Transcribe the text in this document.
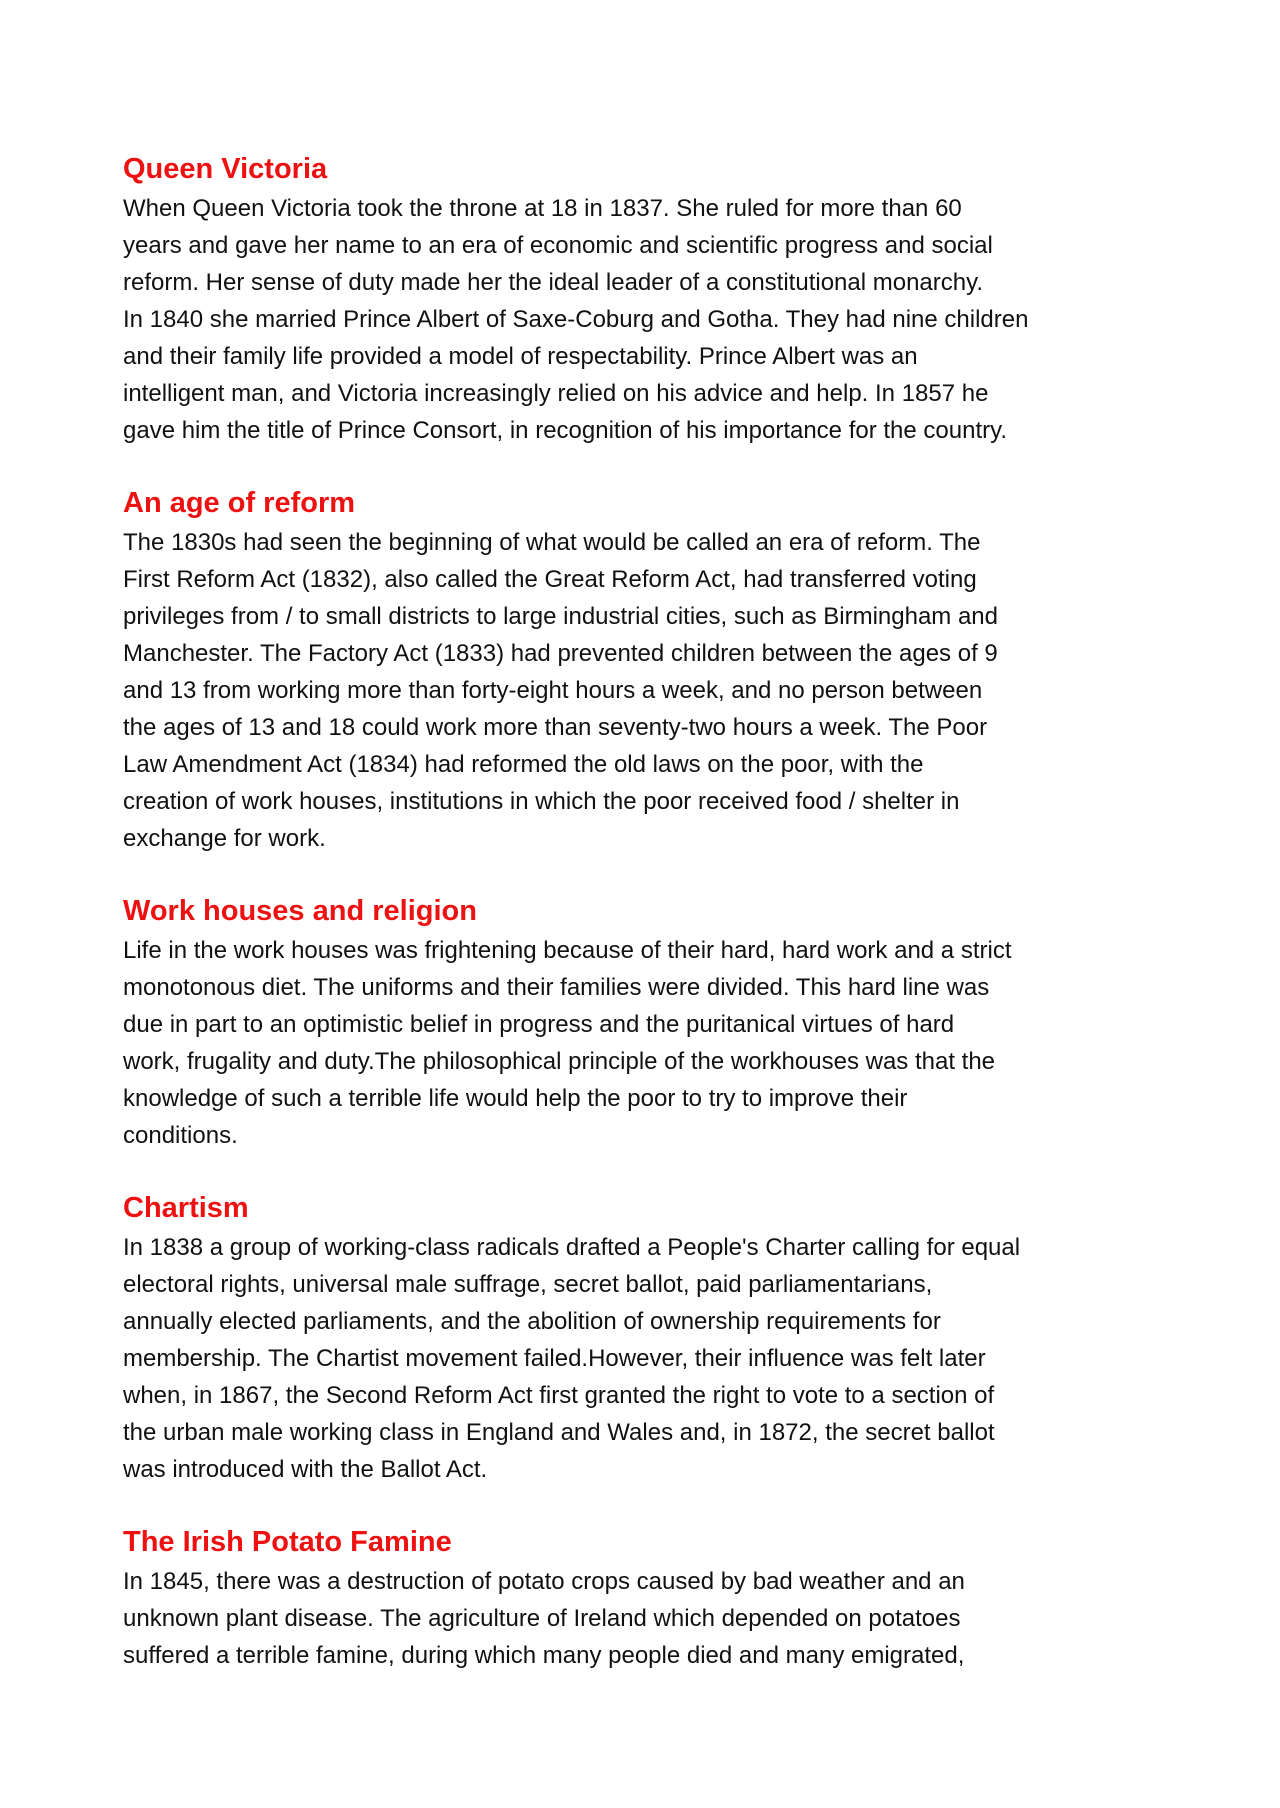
Queen Victoria
When Queen Victoria took the throne at 18 in 1837. She ruled for more than 60
years and gave her name to an era of economic and scientific progress and social
reform. Her sense of duty made her the ideal leader of a constitutional monarchy.
In 1840 she married Prince Albert of Saxe-Coburg and Gotha. They had nine children
and their family life provided a model of respectability. Prince Albert was an
intelligent man, and Victoria increasingly relied on his advice and help. In 1857 he
gave him the title of Prince Consort, in recognition of his importance for the country.
An age of reform
The 1830s had seen the beginning of what would be called an era of reform. The
First Reform Act (1832), also called the Great Reform Act, had transferred voting
privileges from / to small districts to large industrial cities, such as Birmingham and
Manchester. The Factory Act (1833) had prevented children between the ages of 9
and 13 from working more than forty-eight hours a week, and no person between
the ages of 13 and 18 could work more than seventy-two hours a week. The Poor
Law Amendment Act (1834) had reformed the old laws on the poor, with the
creation of work houses, institutions in which the poor received food / shelter in
exchange for work.
Work houses and religion
Life in the work houses was frightening because of their hard, hard work and a strict
monotonous diet. The uniforms and their families were divided. This hard line was
due in part to an optimistic belief in progress and the puritanical virtues of hard
work, frugality and duty.The philosophical principle of the workhouses was that the
knowledge of such a terrible life would help the poor to try to improve their
conditions.
Chartism
In 1838 a group of working-class radicals drafted a People's Charter calling for equal
electoral rights, universal male suffrage, secret ballot, paid parliamentarians,
annually elected parliaments, and the abolition of ownership requirements for
membership. The Chartist movement failed.However, their influence was felt later
when, in 1867, the Second Reform Act first granted the right to vote to a section of
the urban male working class in England and Wales and, in 1872, the secret ballot
was introduced with the Ballot Act.
The Irish Potato Famine
In 1845, there was a destruction of potato crops caused by bad weather and an
unknown plant disease. The agriculture of Ireland which depended on potatoes
suffered a terrible famine, during which many people died and many emigrated,
